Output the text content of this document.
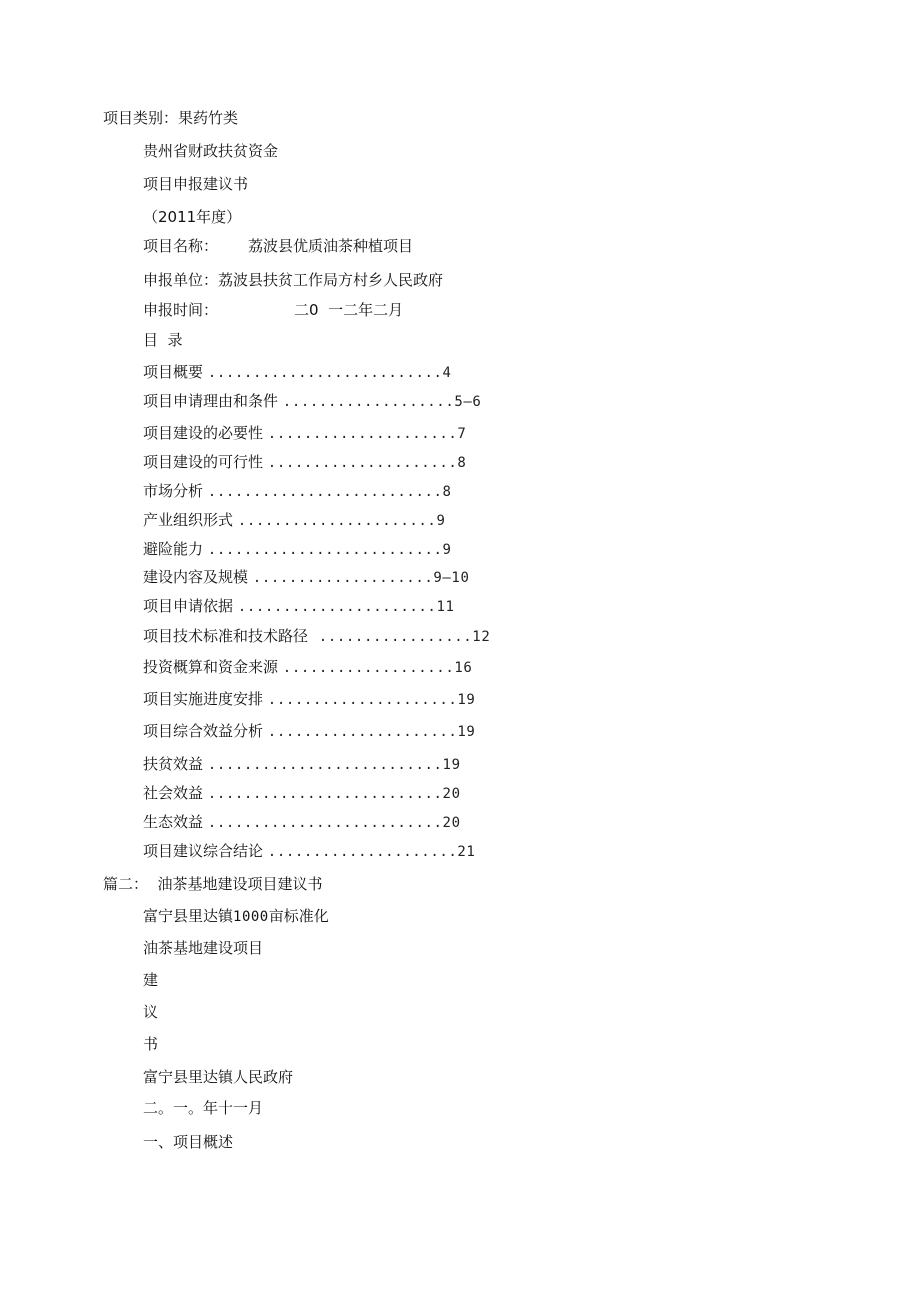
项目类别：果药竹类
贵州省财政扶贫资金
项目申报建议书
（2011年度）
项目名称： 荔波县优质油茶种植项目
申报单位：荔波县扶贫工作局方村乡人民政府
申报时间：	二0  一二年二月
目  录
项目概要 ..........................4
项目申请理由和条件 ...................5—6
项目建设的必要性 .....................7
项目建设的可行性 .....................8
市场分析 ..........................8
产业组织形式 ......................9
避险能力 ..........................9
建设内容及规模 ....................9—10
项目申请依据 ......................11
项目技术标准和技术路径 .................12
投资概算和资金来源 ...................16
项目实施进度安排 .....................19
项目综合效益分析 .....................19
扶贫效益 ..........................19
社会效益 ..........................20
生态效益 ..........................20
项目建议综合结论 .....................21
篇二：  油茶基地建设项目建议书
富宁县里达镇1000亩标准化
油茶基地建设项目
建
议
书
富宁县里达镇人民政府
二。一。年十一月
一、项目概述
